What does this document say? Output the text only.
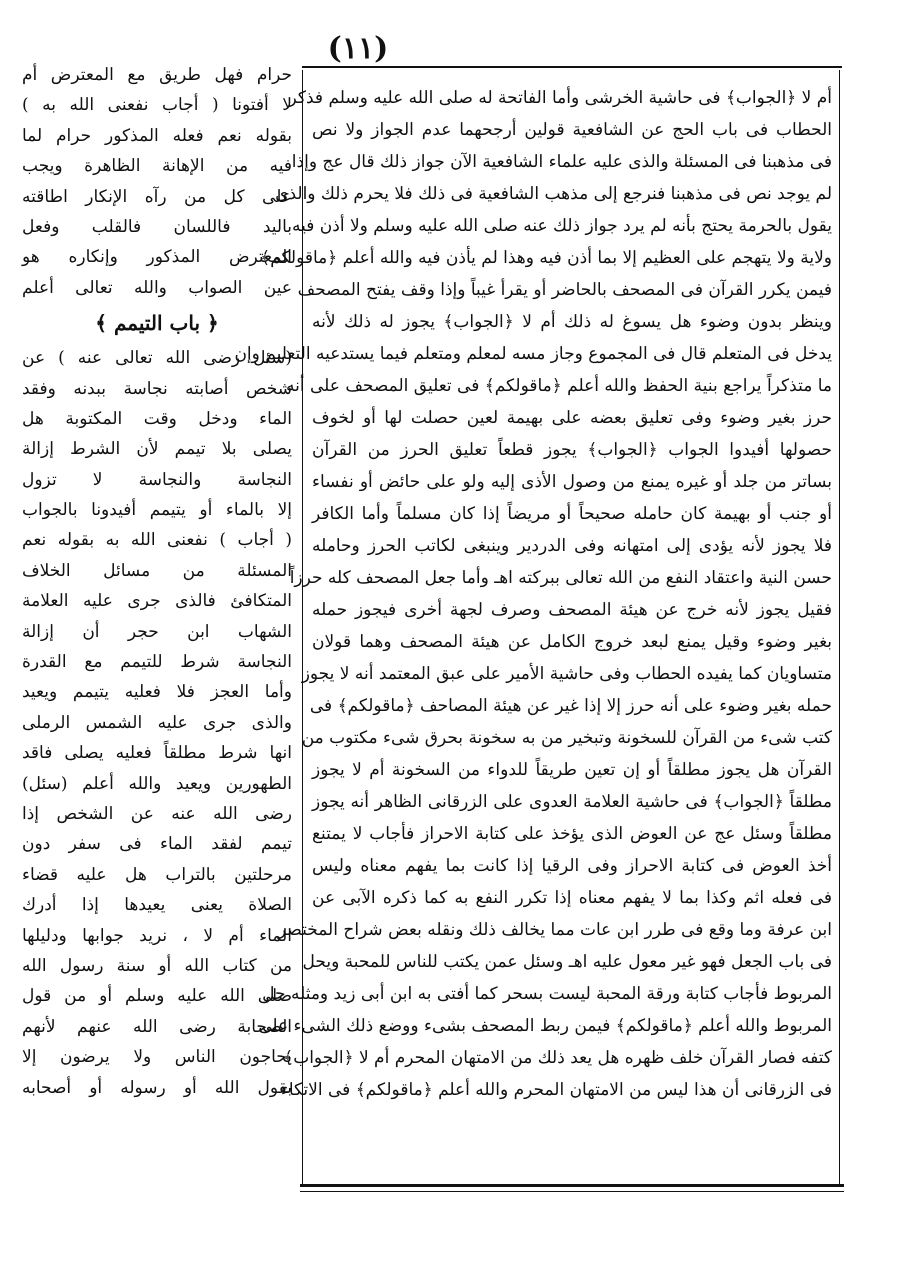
(١١)
أم لا ﴿الجواب﴾ فى حاشية الخرشى وأما الفاتحة له صلى الله عليه وسلم فذكر
الحطاب فى باب الحج عن الشافعية قولين أرجحهما عدم الجواز ولا نص
فى مذهبنا فى المسئلة والذى عليه علماء الشافعية الآن جواز ذلك قال عج وإذا
لم يوجد نص فى مذهبنا فنرجع إلى مذهب الشافعية فى ذلك فلا يحرم ذلك والذى
يقول بالحرمة يحتج بأنه لم يرد جواز ذلك عنه صلى الله عليه وسلم ولا أذن فيه
ولاية ولا يتهجم على العظيم إلا بما أذن فيه وهذا لم يأذن فيه والله أعلم ﴿ماقولكم﴾
فيمن يكرر القرآن فى المصحف بالحاضر أو يقرأ غيباً وإذا وقف يفتح المصحف
وينظر بدون وضوء هل يسوغ له ذلك أم لا ﴿الجواب﴾ يجوز له ذلك لأنه
يدخل فى المتعلم قال فى المجموع وجاز مسه لمعلم ومتعلم فيما يستدعيه التعليم وإن
ما متذكراً يراجع بنية الحفظ والله أعلم ﴿ماقولكم﴾ فى تعليق المصحف على أنه
حرز بغير وضوء وفى تعليق بعضه على بهيمة لعين حصلت لها أو لخوف
حصولها أفيدوا الجواب ﴿الجواب﴾ يجوز قطعاً تعليق الحرز من القرآن
بساتر من جلد أو غيره يمنع من وصول الأذى إليه ولو على حائض أو نفساء
أو جنب أو بهيمة كان حامله صحيحاً أو مريضاً إذا كان مسلماً وأما الكافر
فلا يجوز لأنه يؤدى إلى امتهانه وفى الدردير وينبغى لكاتب الحرز وحامله
حسن النية واعتقاد النفع من الله تعالى ببركته اهـ وأما جعل المصحف كله حرزاً
فقيل يجوز لأنه خرج عن هيئة المصحف وصرف لجهة أخرى فيجوز حمله
بغير وضوء وقيل يمنع لبعد خروج الكامل عن هيئة المصحف وهما قولان
متساويان كما يفيده الحطاب وفى حاشية الأمير على عبق المعتمد أنه لا يجوز
حمله بغير وضوء على أنه حرز إلا إذا غير عن هيئة المصاحف ﴿ماقولكم﴾ فى
كتب شىء من القرآن للسخونة وتبخير من به سخونة بحرق شىء مكتوب من
القرآن هل يجوز مطلقاً أو إن تعين طريقاً للدواء من السخونة أم لا يجوز
مطلقاً ﴿الجواب﴾ فى حاشية العلامة العدوى على الزرقانى الظاهر أنه يجوز
مطلقاً وسئل عج عن العوض الذى يؤخذ على كتابة الاحراز فأجاب لا يمتنع
أخذ العوض فى كتابة الاحراز وفى الرقيا إذا كانت بما يفهم معناه وليس
فى فعله اثم وكذا بما لا يفهم معناه إذا تكرر النفع به كما ذكره الآبى عن
ابن عرفة وما وقع فى طرر ابن عات مما يخالف ذلك ونقله بعض شراح المختصر
فى باب الجعل فهو غير معول عليه اهـ وسئل عمن يكتب للناس للمحبة ويحل
المربوط فأجاب كتابة ورقة المحبة ليست بسحر كما أفتى به ابن أبى زيد ومثله حل
المربوط والله أعلم ﴿ماقولكم﴾ فيمن ربط المصحف بشىء ووضع ذلك الشىء على
كتفه فصار القرآن خلف ظهره هل يعد ذلك من الامتهان المحرم أم لا ﴿الجواب﴾
فى الزرقانى أن هذا ليس من الامتهان المحرم والله أعلم ﴿ماقولكم﴾ فى الاتكاء
حرام فهل طريق مع المعترض أم
لا أفتونا ( أجاب نفعنى الله به )
بقوله نعم فعله المذكور حرام لما
فيه من الإهانة الظاهرة ويجب
على كل من رآه الإنكار اطاقته
باليد فاللسان فالقلب وفعل
المعترض المذكور وإنكاره هو
عين الصواب والله تعالى أعلم
﴿ باب التيمم ﴾
(سئل رضى الله تعالى عنه ) عن
شخص أصابته نجاسة ببدنه وفقد
الماء ودخل وقت المكتوبة هل
يصلى بلا تيمم لأن الشرط إزالة
النجاسة والنجاسة لا تزول
إلا بالماء أو يتيمم أفيدونا بالجواب
( أجاب ) نفعنى الله به بقوله نعم
المسئلة من مسائل الخلاف
المتكافئ فالذى جرى عليه العلامة
الشهاب ابن حجر أن إزالة
النجاسة شرط للتيمم مع القدرة
وأما العجز فلا فعليه يتيمم ويعيد
والذى جرى عليه الشمس الرملى
انها شرط مطلقاً فعليه يصلى فاقد
الطهورين ويعيد والله أعلم (سئل)
رضى الله عنه عن الشخص إذا
تيمم لفقد الماء فى سفر دون
مرحلتين بالتراب هل عليه قضاء
الصلاة يعنى يعيدها إذا أدرك
الماء أم لا ، نريد جوابها ودليلها
من كتاب الله أو سنة رسول الله
صلى الله عليه وسلم أو من قول
الصحابة رضى الله عنهم لأنهم
يحاجون الناس ولا يرضون إلا
بقول الله أو رسوله أو أصحابه
